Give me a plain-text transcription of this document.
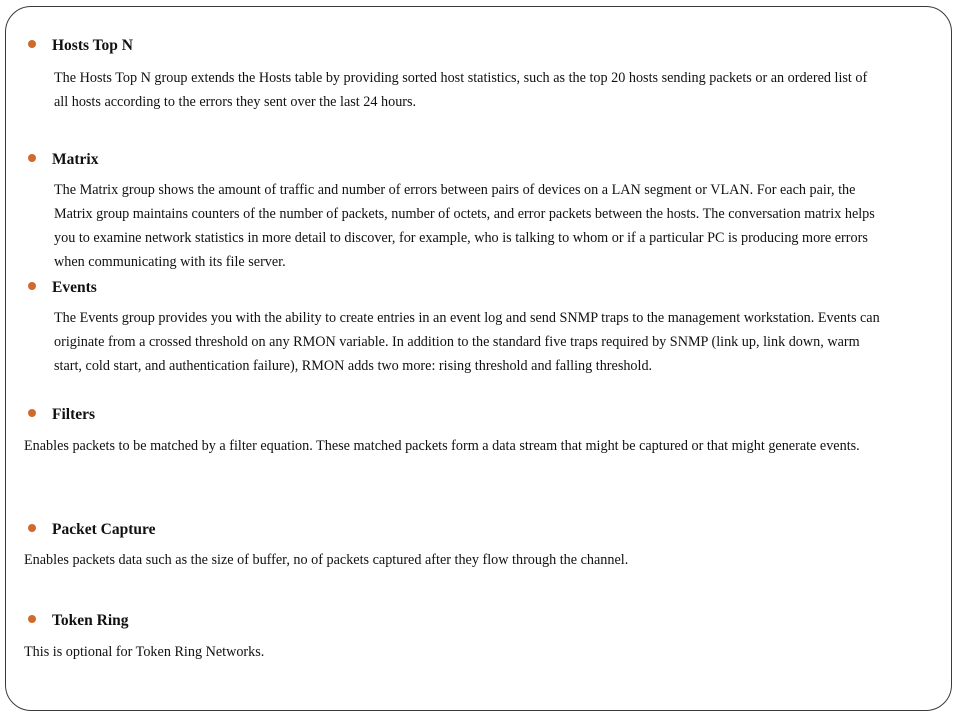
Hosts Top N

The Hosts Top N group extends the Hosts table by providing sorted host statistics, such as the top 20 hosts sending packets or an ordered list of all hosts according to the errors they sent over the last 24 hours.

Matrix

The Matrix group shows the amount of traffic and number of errors between pairs of devices on a LAN segment or VLAN. For each pair, the Matrix group maintains counters of the number of packets, number of octets, and error packets between the hosts. The conversation matrix helps you to examine network statistics in more detail to discover, for example, who is talking to whom or if a particular PC is producing more errors when communicating with its file server.

Events

The Events group provides you with the ability to create entries in an event log and send SNMP traps to the management workstation. Events can originate from a crossed threshold on any RMON variable. In addition to the standard five traps required by SNMP (link up, link down, warm start, cold start, and authentication failure), RMON adds two more: rising threshold and falling threshold.

Filters

Enables packets to be matched by a filter equation. These matched packets form a data stream that might be captured or that might generate events.

Packet Capture

Enables packets data such as the size of buffer, no of packets captured after they flow through the channel.

Token Ring

This is optional for Token Ring Networks.
